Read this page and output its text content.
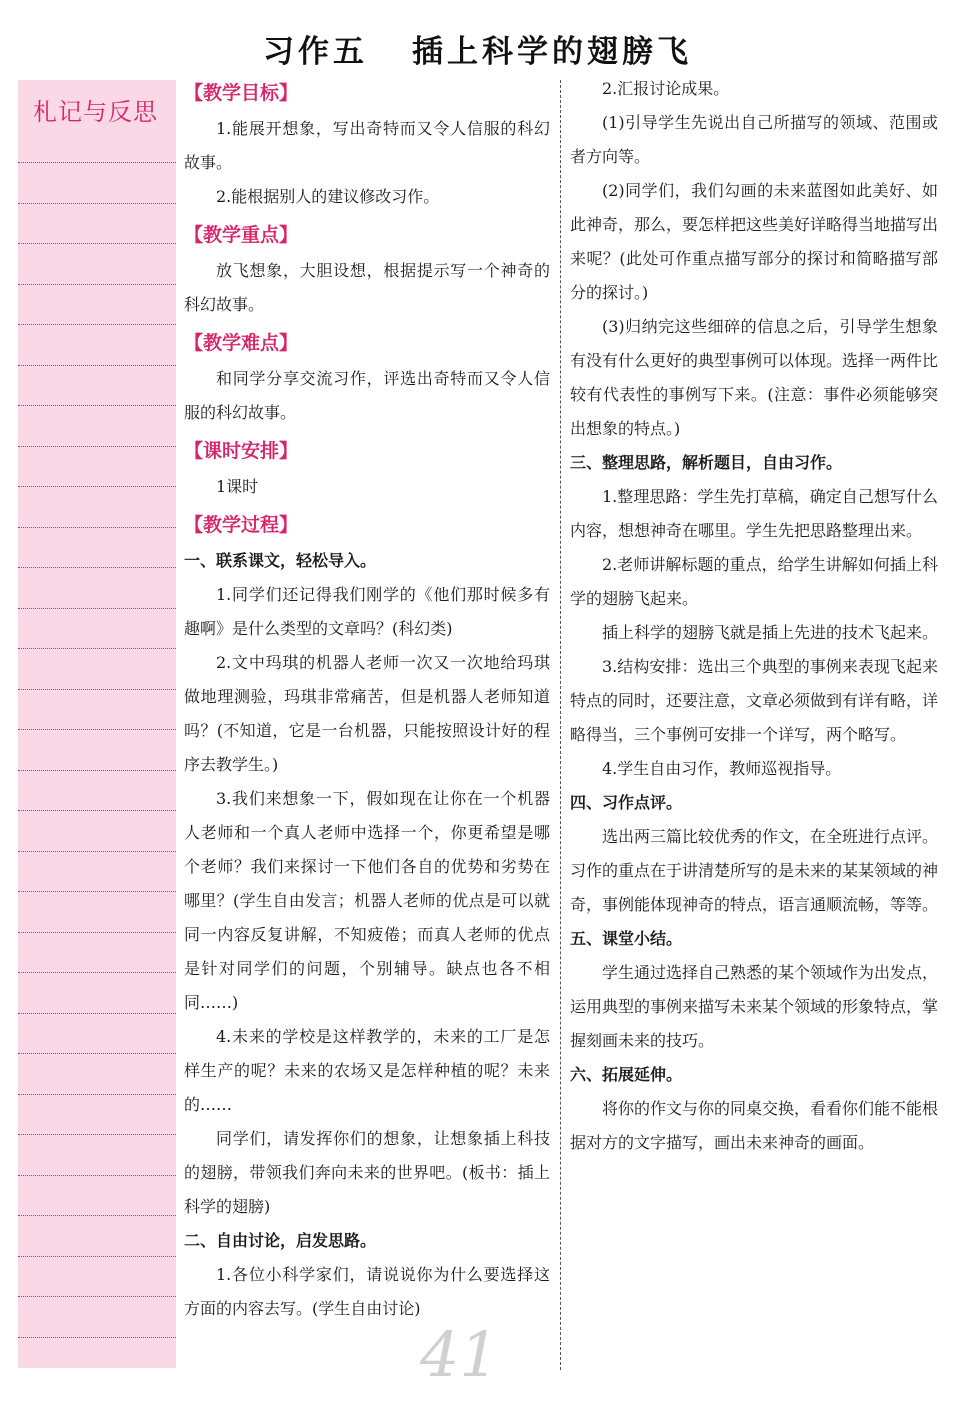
习作五 插上科学的翅膀飞
札记与反思
【教学目标】

1.能展开想象，写出奇特而又令人信服的科幻故事。

2.能根据别人的建议修改习作。

【教学重点】

放飞想象，大胆设想，根据提示写一个神奇的科幻故事。

【教学难点】

和同学分享交流习作，评选出奇特而又令人信服的科幻故事。

【课时安排】

1课时

【教学过程】

一、联系课文，轻松导入。

1.同学们还记得我们刚学的《他们那时候多有趣啊》是什么类型的文章吗？(科幻类)

2.文中玛琪的机器人老师一次又一次地给玛琪做地理测验，玛琪非常痛苦，但是机器人老师知道吗？(不知道，它是一台机器，只能按照设计好的程序去教学生。)

3.我们来想象一下，假如现在让你在一个机器人老师和一个真人老师中选择一个，你更希望是哪个老师？我们来探讨一下他们各自的优势和劣势在哪里？(学生自由发言；机器人老师的优点是可以就同一内容反复讲解，不知疲倦；而真人老师的优点是针对同学们的问题，个别辅导。缺点也各不相同……)

4.未来的学校是这样教学的，未来的工厂是怎样生产的呢？未来的农场又是怎样种植的呢？未来的……

同学们，请发挥你们的想象，让想象插上科技的翅膀，带领我们奔向未来的世界吧。(板书：插上科学的翅膀)

二、自由讨论，启发思路。

1.各位小科学家们，请说说你为什么要选择这方面的内容去写。(学生自由讨论)

2.汇报讨论成果。

(1)引导学生先说出自己所描写的领域、范围或者方向等。

(2)同学们，我们勾画的未来蓝图如此美好、如此神奇，那么，要怎样把这些美好详略得当地描写出来呢？(此处可作重点描写部分的探讨和简略描写部分的探讨。)

(3)归纳完这些细碎的信息之后，引导学生想象有没有什么更好的典型事例可以体现。选择一两件比较有代表性的事例写下来。(注意：事件必须能够突出想象的特点。)

三、整理思路，解析题目，自由习作。

1.整理思路：学生先打草稿，确定自己想写什么内容，想想神奇在哪里。学生先把思路整理出来。

2.老师讲解标题的重点，给学生讲解如何插上科学的翅膀飞起来。

插上科学的翅膀飞就是插上先进的技术飞起来。

3.结构安排：选出三个典型的事例来表现飞起来特点的同时，还要注意，文章必须做到有详有略，详略得当，三个事例可安排一个详写，两个略写。

4.学生自由习作，教师巡视指导。

四、习作点评。

选出两三篇比较优秀的作文，在全班进行点评。习作的重点在于讲清楚所写的是未来的某某领域的神奇，事例能体现神奇的特点，语言通顺流畅，等等。

五、课堂小结。

学生通过选择自己熟悉的某个领域作为出发点，运用典型的事例来描写未来某个领域的形象特点，掌握刻画未来的技巧。

六、拓展延伸。

将你的作文与你的同桌交换，看看你们能不能根据对方的文字描写，画出未来神奇的画面。

41
